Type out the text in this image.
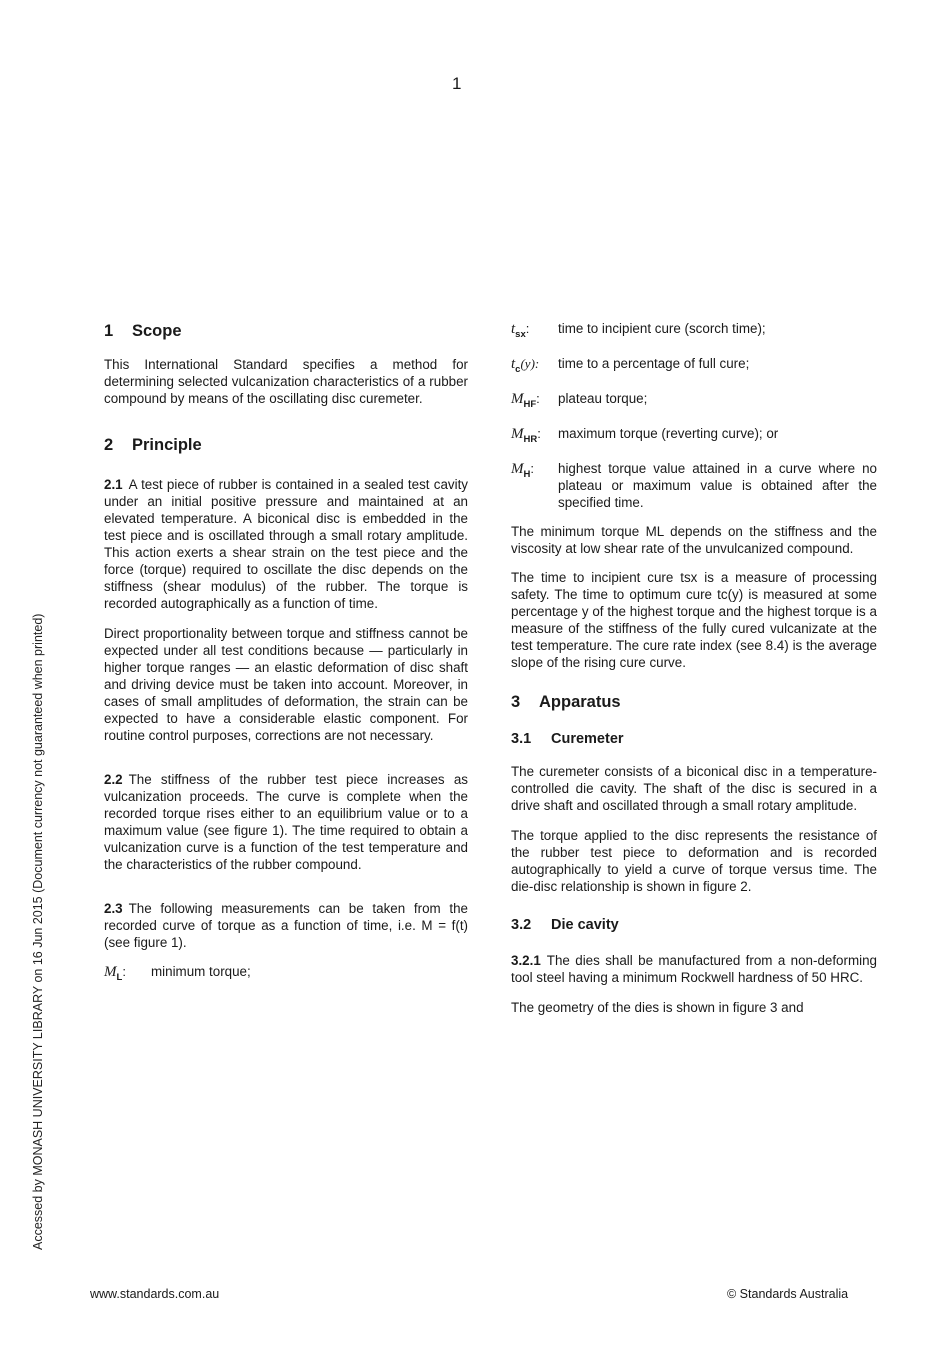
1
Accessed by MONASH UNIVERSITY LIBRARY on 16 Jun 2015 (Document currency not guaranteed when printed)
1 Scope

This International Standard specifies a method for determining selected vulcanization characteristics of a rubber compound by means of the oscillating disc curemeter.

2 Principle

2.1 A test piece of rubber is contained in a sealed test cavity under an initial positive pressure and maintained at an elevated temperature. A biconical disc is embedded in the test piece and is oscillated through a small rotary amplitude. This action exerts a shear strain on the test piece and the force (torque) required to oscillate the disc depends on the stiffness (shear modulus) of the rubber. The torque is recorded autographically as a function of time.

Direct proportionality between torque and stiffness cannot be expected under all test conditions because — particularly in higher torque ranges — an elastic deformation of disc shaft and driving device must be taken into account. Moreover, in cases of small amplitudes of deformation, the strain can be expected to have a considerable elastic component. For routine control purposes, corrections are not necessary.

2.2 The stiffness of the rubber test piece increases as vulcanization proceeds. The curve is complete when the recorded torque rises either to an equilibrium value or to a maximum value (see figure 1). The time required to obtain a vulcanization curve is a function of the test temperature and the characteristics of the rubber compound.

2.3 The following measurements can be taken from the recorded curve of torque as a function of time, i.e. M = f(t) (see figure 1).

$M_L$:	minimum torque;
$t_{sx}$:	time to incipient cure (scorch time);
$t_c(y)$:	time to a percentage of full cure;
$M_{HF}$:	plateau torque;
$M_{HR}$:	maximum torque (reverting curve); or
$M_H$:	highest torque value attained in a curve where no plateau or maximum value is obtained after the specified time.

The minimum torque ML depends on the stiffness and the viscosity at low shear rate of the unvulcanized compound.

The time to incipient cure tsx is a measure of processing safety. The time to optimum cure tc(y) is measured at some percentage y of the highest torque and the highest torque is a measure of the stiffness of the fully cured vulcanizate at the test temperature. The cure rate index (see 8.4) is the average slope of the rising cure curve.

3 Apparatus
3.1 Curemeter

The curemeter consists of a biconical disc in a temperature-controlled die cavity. The shaft of the disc is secured in a drive shaft and oscillated through a small rotary amplitude.

The torque applied to the disc represents the resistance of the rubber test piece to deformation and is recorded autographically to yield a curve of torque versus time. The die-disc relationship is shown in figure 2.

3.2 Die cavity

3.2.1 The dies shall be manufactured from a non-deforming tool steel having a minimum Rockwell hardness of 50 HRC.

The geometry of the dies is shown in figure 3 and

www.standards.com.au	© Standards Australia
